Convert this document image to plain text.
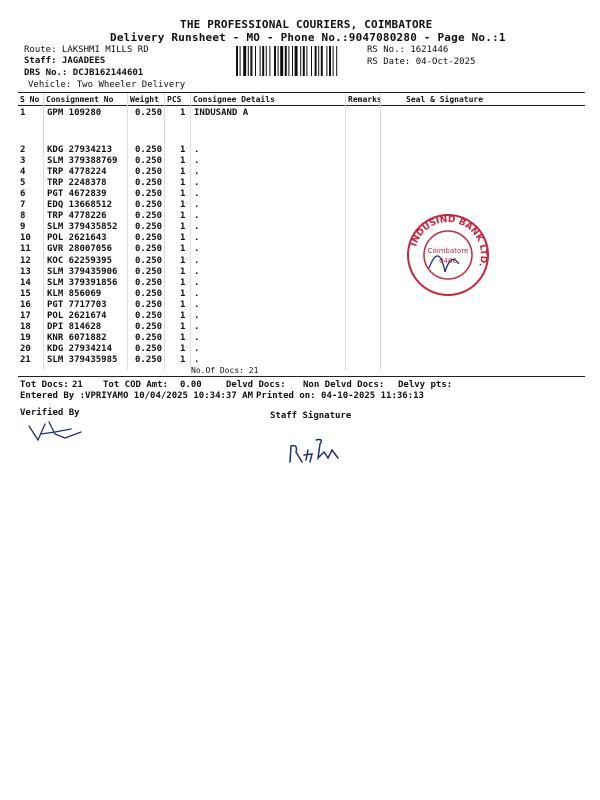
THE PROFESSIONAL COURIERS, COIMBATORE
Delivery Runsheet - MO - Phone No.:9047080280 - Page No.:1
Route: LAKSHMI MILLS RD
Staff: JAGADEES
DRS No.: DCJB162144601
Vehicle: Two Wheeler Delivery
RS No.: 1621446
RS Date: 04-Oct-2025
S No Consignment No Weight PCS Consignee Details	Remarks	Seal & Signature
1 GPM 109280	0.250 1 INDUSAND A
2 KDG 27934213	0.250 1 .
3 SLM 379388769 0.250 1 .
4 TRP 4778224	0.250 1 .
5 TRP 2248378	0.250 1 .
6 PGT 4672839	0.250 1 .
7 EDQ 13668512	0.250 1 .
8 TRP 4778226	0.250 1 .
9 SLM 379435852 0.250 1 .
10 POL 2621643	0.250 1 .
11 GVR 28007056	0.250 1 .
12 KOC 62259395	0.250 1 .
13 SLM 379435906 0.250 1 .
14 SLM 379391856 0.250 1 .
15 KLM 856069	0.250 1 .
16 PGT 7717703	0.250 1 .
17 POL 2621674	0.250 1 .
18 DPI 814628	0.250 1 .
19 KNR 6071882	0.250 1 .
20 KDG 27934214	0.250 1 .
21 SLM 379435985 0.250 1 .
No.Of Docs: 21
Tot Docs: 21 Tot COD Amt: 0.00	Delvd Docs: Non Delvd Docs: Delvy pts:
Entered By :VPRIYAMO 10/04/2025 10:34:37 AM Printed on: 04-10-2025 11:36:13
Verified By	Staff Signature
INDUSIND BANK LTD.
Coimbatore
0406
